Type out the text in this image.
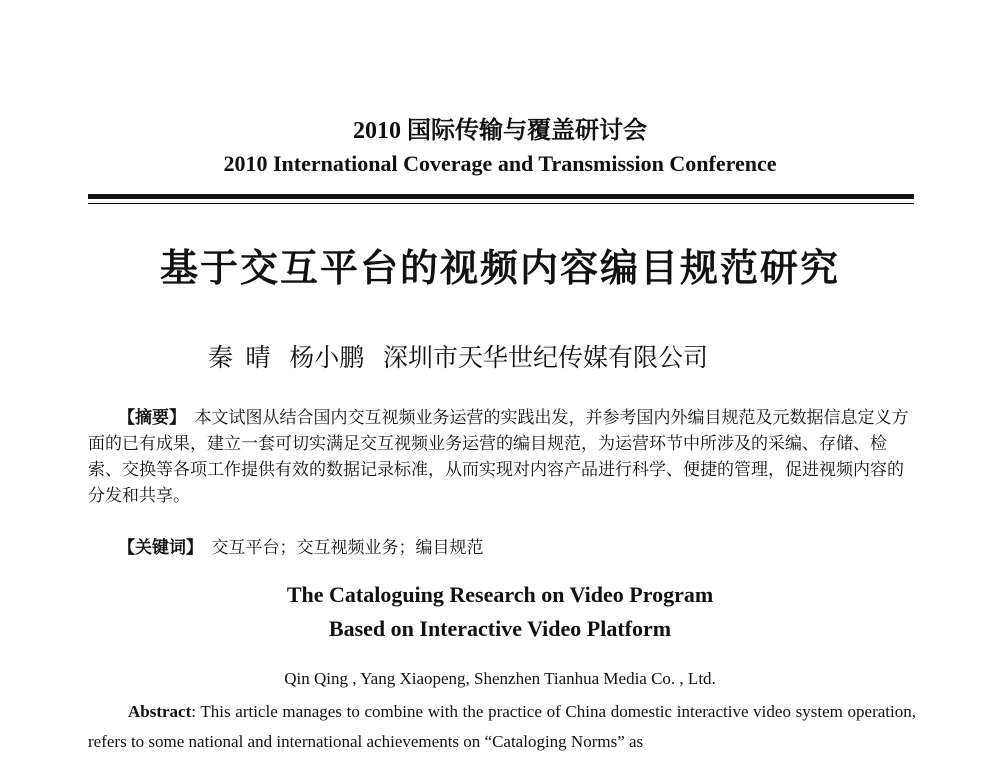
2010 国际传输与覆盖研讨会
2010 International Coverage and Transmission Conference
基于交互平台的视频内容编目规范研究
秦  晴   杨小鹏   深圳市天华世纪传媒有限公司

【摘要】 本文试图从结合国内交互视频业务运营的实践出发，并参考国内外编目规范及元数据信息定义方面的已有成果，建立一套可切实满足交互视频业务运营的编目规范，为运营环节中所涉及的采编、存储、检索、交换等各项工作提供有效的数据记录标准，从而实现对内容产品进行科学、便捷的管理，促进视频内容的分发和共享。

【关键词】 交互平台；交互视频业务；编目规范

The Cataloguing Research on Video Program
Based on Interactive Video Platform
Qin Qing , Yang Xiaopeng, Shenzhen Tianhua Media Co. , Ltd.

Abstract: This article manages to combine with the practice of China domestic interactive video system operation, refers to some national and international achievements on “Cataloging Norms” as
